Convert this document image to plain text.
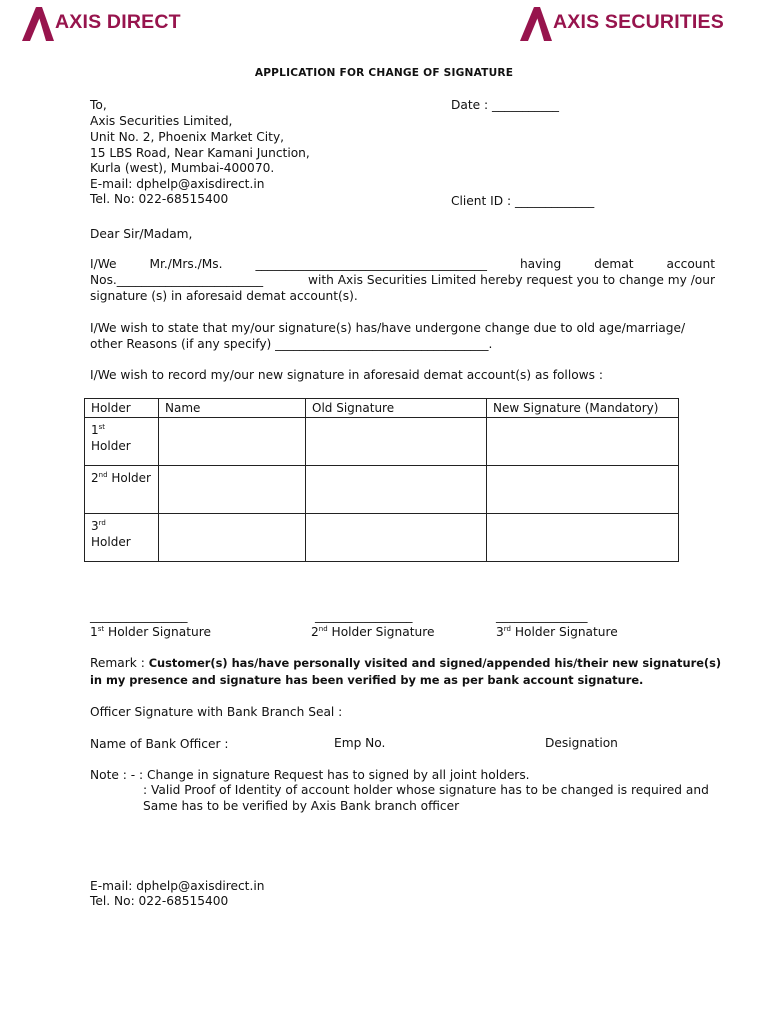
AXIS DIRECT	AXIS SECURITIES
APPLICATION FOR CHANGE OF SIGNATURE
To,
Axis Securities Limited,
Unit No. 2, Phoenix Market City,
15 LBS Road, Near Kamani Junction,
Kurla (west), Mumbai-400070.
E-mail: dphelp@axisdirect.in
Tel. No: 022-68515400
Date : ___________
Client ID : _____________
Dear Sir/Madam,
I/We	Mr./Mrs./Ms.	______________________________________	having	demat	account
Nos.________________________	with Axis Securities Limited hereby request you to change my /our
signature (s) in aforesaid demat account(s).
I/We wish to state that my/our signature(s) has/have undergone change due to old age/marriage/
other Reasons (if any specify) ___________________________________.
I/We wish to record my/our new signature in aforesaid demat account(s) as follows :
Holder	Name	Old Signature	New Signature (Mandatory)
1st
Holder			
2nd Holder			
3rd
Holder			
________________	________________	_______________
1st Holder Signature	2nd Holder Signature	3rd Holder Signature
Remark : Customer(s) has/have personally visited and signed/appended his/their new signature(s)
in my presence and signature has been verified by me as per bank account signature.
Officer Signature with Bank Branch Seal :
Name of Bank Officer :	Emp No.	Designation
Note : - : Change in signature Request has to signed by all joint holders.
: Valid Proof of Identity of account holder whose signature has to be changed is required and
Same has to be verified by Axis Bank branch officer
E-mail: dphelp@axisdirect.in
Tel. No: 022-68515400
